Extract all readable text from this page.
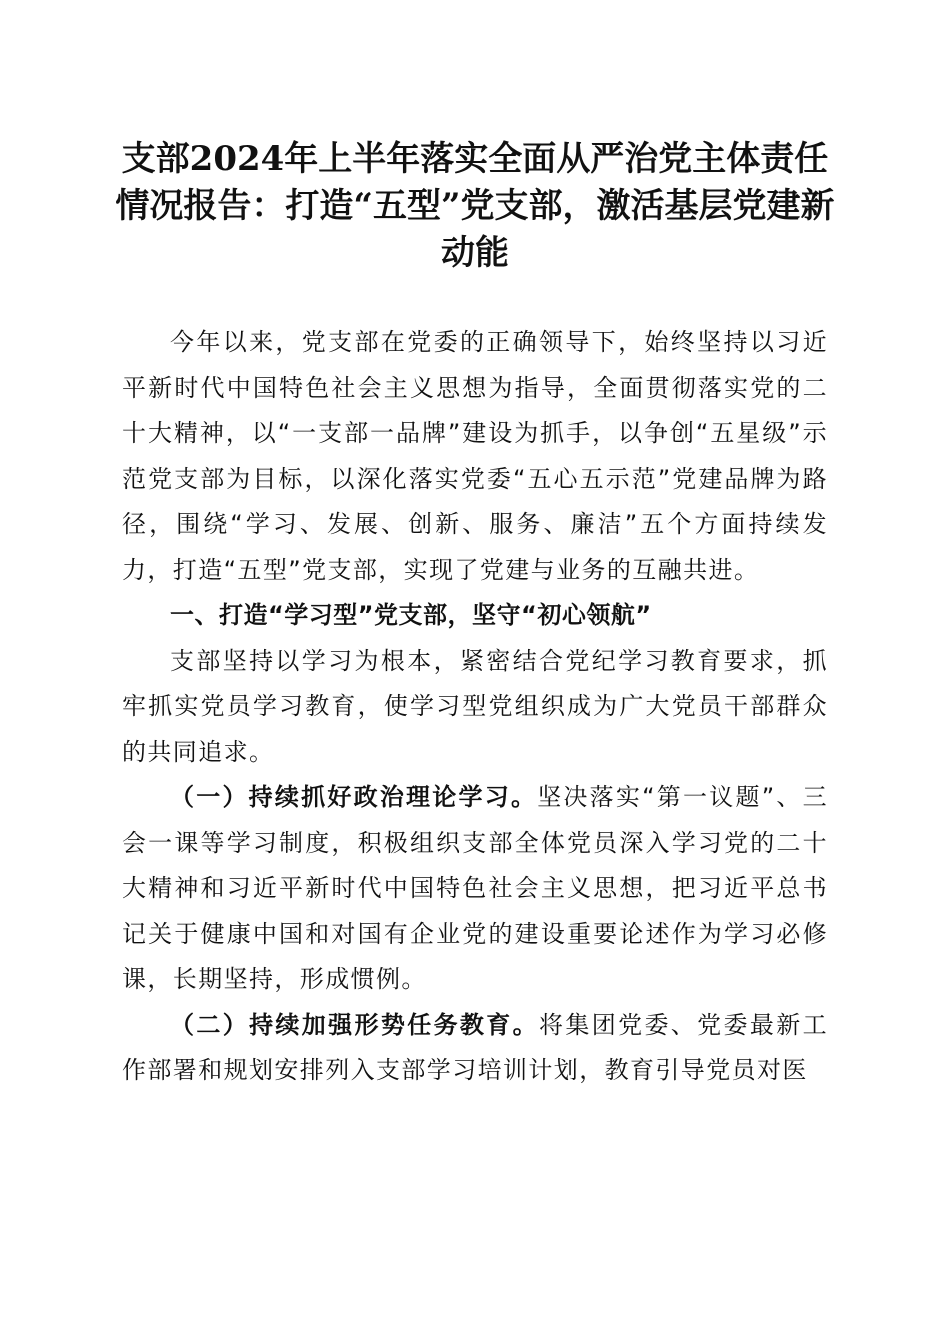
支部2024年上半年落实全面从严治党主体责任情况报告：打造“五型”党支部，激活基层党建新动能

今年以来，党支部在党委的正确领导下，始终坚持以习近平新时代中国特色社会主义思想为指导，全面贯彻落实党的二十大精神，以“一支部一品牌”建设为抓手，以争创“五星级”示范党支部为目标，以深化落实党委“五心五示范”党建品牌为路径，围绕“学习、发展、创新、服务、廉洁”五个方面持续发力，打造“五型”党支部，实现了党建与业务的互融共进。

一、打造“学习型”党支部，坚守“初心领航”

支部坚持以学习为根本，紧密结合党纪学习教育要求，抓牢抓实党员学习教育，使学习型党组织成为广大党员干部群众的共同追求。

（一）持续抓好政治理论学习。坚决落实“第一议题”、三会一课等学习制度，积极组织支部全体党员深入学习党的二十大精神和习近平新时代中国特色社会主义思想，把习近平总书记关于健康中国和对国有企业党的建设重要论述作为学习必修课，长期坚持，形成惯例。

（二）持续加强形势任务教育。将集团党委、党委最新工作部署和规划安排列入支部学习培训计划，教育引导党员对医
